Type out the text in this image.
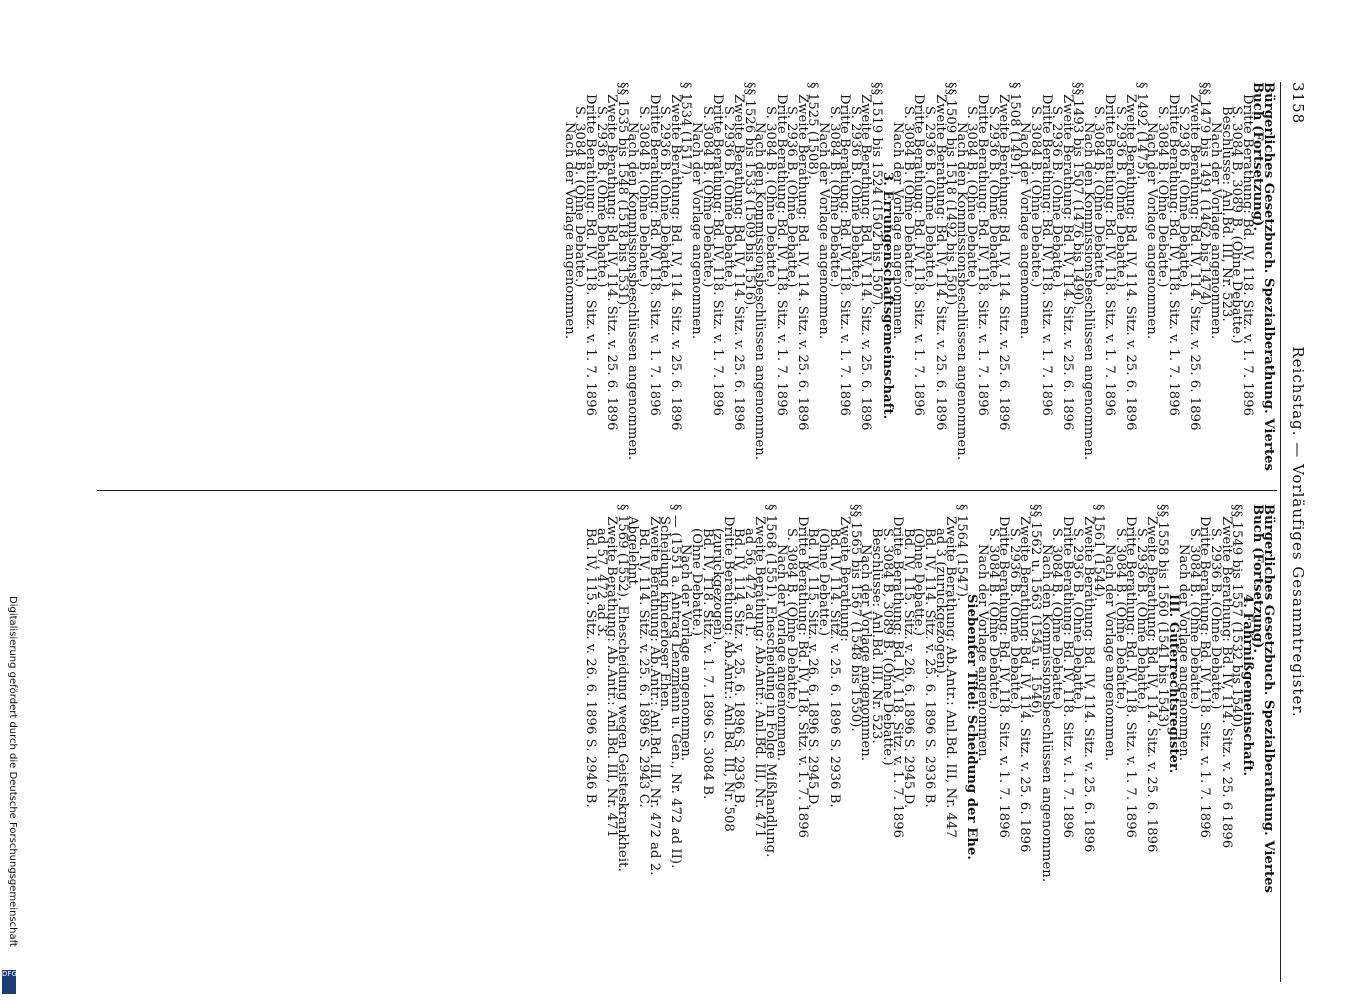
3158
Reichstag. — Vorläufiges Gesammtregister.
Bürgerliches Gesetzbuch. Spezialberathung. Viertes
Buch (Fortsetzung).
Dritte Berathung: Bd. IV, 118. Sitz. v. 1. 7. 1896
S. 3084 B, 3089 B. (Ohne Debatte.)
Beschlüsse: Anl.Bd. III, Nr. 523.
Nach der Vorlage angenommen.
§§ 1479 bis 1491 (1462 bis 1474).
Zweite Berathung: Bd. IV, 114. Sitz. v. 25. 6. 1896
S. 2936 B. (Ohne Debatte.)
Dritte Berathung: Bd. IV, 118. Sitz. v. 1. 7. 1896
S. 3084 B. (Ohne Debatte.)
Nach der Vorlage angenommen.
§ 1492 (1475).
Zweite Berathung: Bd. IV, 114. Sitz. v. 25. 6. 1896
S. 2936 B. (Ohne Debatte.)
Dritte Berathung: Bd. IV, 118. Sitz. v. 1. 7. 1896
S. 3084 B. (Ohne Debatte.)
Nach den Kommissionsbeschlüssen angenommen.
§§ 1493 bis 1507 (1476 bis 1490).
Zweite Berathung: Bd. IV, 114. Sitz. v. 25. 6. 1896
S. 2936 B. (Ohne Debatte.)
Dritte Berathung: Bd. IV, 118. Sitz. v. 1. 7. 1896
S. 3084 B. (Ohne Debatte.)
Nach der Vorlage angenommen.
§ 1508 (1491).
Zweite Berathung: Bd. IV, 114. Sitz. v. 25. 6. 1896
S. 2936 B. (Ohne Debatte.)
Dritte Berathung: Bd. IV, 118. Sitz. v. 1. 7. 1896
S. 3084 B. (Ohne Debatte.)
Nach den Kommissionsbeschlüssen angenommen.
§§ 1509 bis 1518 (1492 bis 1501).
Zweite Berathung: Bd. IV, 114. Sitz. v. 25. 6. 1896
S. 2936 B. (Ohne Debatte.)
Dritte Berathung: Bd. IV, 118. Sitz. v. 1. 7. 1896
S. 3084 B. (Ohne Debatte.)
Nach der Vorlage angenommen.
3. Errungenschaftsgemeinschaft.
§§ 1519 bis 1524 (1502 bis 1507).
Zweite Berathung: Bd. IV, 114. Sitz. v. 25. 6. 1896
S. 2936 B. (Ohne Debatte.)
Dritte Berathung: Bd. IV, 118. Sitz. v. 1. 7. 1896
S. 3084 B. (Ohne Debatte.)
Nach der Vorlage angenommen.
§ 1525 (1508).
Zweite Berathung: Bd. IV, 114. Sitz. v. 25. 6. 1896
S. 2936 B. (Ohne Debatte.)
Dritte Berathung: Bd. IV, 118. Sitz. v. 1. 7. 1896
S. 3084 B. (Ohne Debatte.)
Nach den Kommissionsbeschlüssen angenommen.
§§ 1526 bis 1533 (1509 bis 1516).
Zweite Berathung: Bd. IV, 114. Sitz. v. 25. 6. 1896
S. 2936 B. (Ohne Debatte.)
Dritte Berathung: Bd. IV, 118. Sitz. v. 1. 7. 1896
S. 3084 B. (Ohne Debatte.)
Nach der Vorlage angenommen.
§ 1534 (1517).
Zweite Berathung: Bd. IV, 114. Sitz. v. 25. 6. 1896
S. 2936 B. (Ohne Debatte.)
Dritte Berathung: Bd. IV, 118. Sitz. v. 1. 7. 1896
S. 3084 B. (Ohne Debatte.)
Nach den Kommissionsbeschlüssen angenommen.
§§ 1535 bis 1548 (1518 bis 1531).
Zweite Berathung: Bd. IV, 114. Sitz. v. 25. 6. 1896
S. 2936 B. (Ohne Debatte.)
Dritte Berathung: Bd. IV, 118. Sitz. v. 1. 7. 1896
S. 3084 B. (Ohne Debatte.)
Nach der Vorlage angenommen.
Bürgerliches Gesetzbuch. Spezialberathung. Viertes
Buch (Fortsetzung).
4. Fahrnißgemeinschaft.
§§ 1549 bis 1557 (1532 bis 1540).
Zweite Berathung: Bd. IV, 114. Sitz. v. 25. 6 1896
S. 2936 B. (Ohne Debatte.)
Dritte Berathung: Bd. IV, 118. Sitz. v. 1. 7. 1896
S. 3084 B. (Ohne Debatte.)
Nach der Vorlage angenommen.
III. Güterrechtsregister.
§§ 1558 bis 1560 (1541 bis 1543).
Zweite Berathung: Bd. IV, 114. Sitz. v. 25. 6. 1896
S. 2936 B. (Ohne Debatte.)
Dritte Berathung: Bd. IV, 118. Sitz. v. 1. 7. 1896
S. 3084 B. (Ohne Debatte.)
Nach der Vorlage angenommen.
§ 1561 (1544).
Zweite Berathung: Bd. IV, 114. Sitz. v. 25. 6. 1896
S. 2936 B. (Ohne Debatte.)
Dritte Berathung: Bd. IV, 118. Sitz. v. 1. 7. 1896
S. 3084 B. (Ohne Debatte.)
Nach den Kommissionsbeschlüssen angenommen.
§§ 1562 u. 1563 (1545 u. 1546).
Zweite Berathung: Bd. IV, 114. Sitz. v. 25. 6. 1896
S. 2936 B. (Ohne Debatte.)
Dritte Berathung: Bd. IV, 118. Sitz. v. 1. 7. 1896
S. 3084 B. (Ohne Debatte.)
Nach der Vorlage angenommen.
Siebenter Titel: Scheidung der Ehe.
§ 1564 (1547).
Zweite Berathung: Ab.Antr.: Anl.Bd. III, Nr. 447
ad 3 (zurückgezogen).
Bd. IV, 114. Sitz. v. 25. 6. 1896 S. 2936 B.
(Ohne Debatte.)
Bd. IV, 115. Sitz. v. 26. 6. 1896 S. 2945 D.
Dritte Berathung: Bd. IV, 118. Sitz. v. 1. 7. 1896
S. 3084 B, 3089 B. (Ohne Debatte.)
Beschlüsse: Anl.Bd. III, Nr. 523.
Nach der Vorlage angenommen.
§§ 1565 bis 1567 (1548 bis 1550).
Zweite Berathung:
Bd. IV, 114. Sitz. v. 25. 6. 1896 S. 2936 B.
(Ohne Debatte.)
Bd. IV, 115. Sitz. v. 26. 6. 1896 S. 2945 D.
Dritte Berathung: Bd. IV, 118. Sitz. v. 1. 7. 1896
S. 3084 B. (Ohne Debatte.)
Nach der Vorlage angenommen.
§ 1568 (1551). Ehescheidung in Folge Mißhandlung.
Zweite Berathung: Ab.Antr.: Anl.Bd. III, Nr. 471
ad 56, 472 ad 1.
Bd. IV, 114. Sitz. v. 25. 6. 1896 S. 2936 B.
Dritte Berathung: Ab.Antr.: Anl.Bd. III, Nr. 508
(zurückgezogen).
Bd. IV, 118. Sitz. v. 1. 7. 1896 S. 3084 B.
(Ohne Debatte.)
Nach der Vorlage angenommen.
§ — (1551 a. Antrag Lenzmann u. Gen., Nr. 472 ad II).
Scheidung kinderloser Ehen.
Zweite Berathung: Ab.Antr.: Anl.Bd. III, Nr. 472 ad 2.
Bd. IV, 114. Sitz. v. 25. 6. 1896 S. 2943 C.
Abgelehnt.
§ 1569 (1552). Ehescheidung wegen Geisteskrankheit.
Zweite Berathung: Ab.Antr.: Anl.Bd. III, Nr. 471
ad 57, 472 ad 3.
Bd. IV, 115. Sitz. v. 26. 6. 1896 S. 2946 B.
Digitalisierung gefördert durch die Deutsche Forschungsgemeinschaft
DFG
